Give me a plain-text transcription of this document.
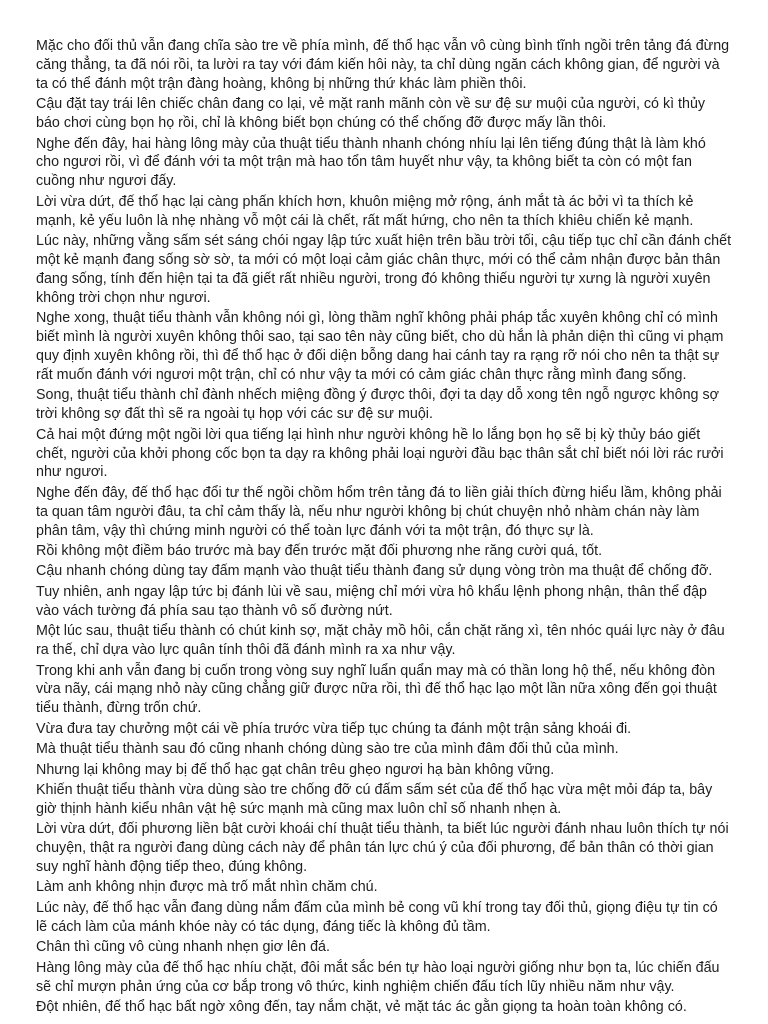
Mặc cho đối thủ vẫn đang chĩa sào tre về phía mình, đế thổ hạc vẫn vô cùng bình tĩnh ngồi trên tảng đá đừng căng thẳng, ta đã nói rồi, ta lười ra tay với đám kiến hôi này, ta chỉ dùng ngăn cách không gian, để người và ta có thể đánh một trận đàng hoàng, không bị những thứ khác làm phiền thôi.

Cậu đặt tay trái lên chiếc chân đang co lại, vẻ mặt ranh mãnh còn về sư đệ sư muội của người, có kì thủy báo chơi cùng bọn họ rồi, chỉ là không biết bọn chúng có thể chống đỡ được mấy lần thôi.

Nghe đến đây, hai hàng lông mày của thuật tiểu thành nhanh chóng nhíu lại lên tiếng đúng thật là làm khó cho ngươi rồi, vì để đánh với ta một trận mà hao tổn tâm huyết như vậy, ta không biết ta còn có một fan cuồng như ngươi đấy.

Lời vừa dứt, đế thổ hạc lại càng phấn khích hơn, khuôn miệng mở rộng, ánh mắt tà ác bởi vì ta thích kẻ mạnh, kẻ yếu luôn là nhẹ nhàng vỗ một cái là chết, rất mất hứng, cho nên ta thích khiêu chiến kẻ mạnh.

Lúc này, những vằng sấm sét sáng chói ngay lập tức xuất hiện trên bầu trời tối, cậu tiếp tục chỉ cần đánh chết một kẻ mạnh đang sống sờ sờ, ta mới có một loại cảm giác chân thực, mới có thể cảm nhận được bản thân đang sống, tính đến hiện tại ta đã giết rất nhiều người, trong đó không thiếu người tự xưng là người xuyên không trời chọn như ngươi.

Nghe xong, thuật tiểu thành vẫn không nói gì, lòng thầm nghĩ không phải pháp tắc xuyên không chỉ có mình biết mình là người xuyên không thôi sao, tại sao tên này cũng biết, cho dù hắn là phản diện thì cũng vi phạm quy định xuyên không rồi, thì để thổ hạc ở đối diện bỗng dang hai cánh tay ra rạng rỡ nói cho nên ta thật sự rất muốn đánh với ngươi một trận, chỉ có như vậy ta mới có cảm giác chân thực rằng mình đang sống.

Song, thuật tiểu thành chỉ đành nhếch miệng đồng ý được thôi, đợi ta dạy dỗ xong tên ngỗ ngược không sợ trời không sợ đất thì sẽ ra ngoài tụ họp với các sư đệ sư muội.

Cả hai một đứng một ngồi lời qua tiếng lại hình như người không hề lo lắng bọn họ sẽ bị kỳ thủy báo giết chết, người của khởi phong cốc bọn ta dạy ra không phải loại người đầu bạc thân sắt chỉ biết nói lời rác rưởi như ngươi.

Nghe đến đây, đế thổ hạc đổi tư thế ngồi chồm hổm trên tảng đá to liền giải thích đừng hiểu lầm, không phải ta quan tâm người đâu, ta chỉ cảm thấy là, nếu như người không bị chút chuyện nhỏ nhàm chán này làm phân tâm, vậy thì chứng minh người có thể toàn lực đánh với ta một trận, đó thực sự là.

Rồi không một điềm báo trước mà bay đến trước mặt đối phương nhe răng cười quá, tốt.

Cậu nhanh chóng dùng tay đấm mạnh vào thuật tiểu thành đang sử dụng vòng tròn ma thuật để chống đỡ.

Tuy nhiên, anh ngay lập tức bị đánh lùi về sau, miệng chỉ mới vừa hô khẩu lệnh phong nhận, thân thể đập vào vách tường đá phía sau tạo thành vô số đường nứt.

Một lúc sau, thuật tiểu thành có chút kinh sợ, mặt chảy mồ hôi, cắn chặt răng xì, tên nhóc quái lực này ở đâu ra thế, chỉ dựa vào lực quân tính thôi đã đánh mình ra xa như vậy.

Trong khi anh vẫn đang bị cuốn trong vòng suy nghĩ luẩn quẩn may mà có thần long hộ thể, nếu không đòn vừa nãy, cái mạng nhỏ này cũng chẳng giữ được nữa rồi, thì đế thổ hạc lạo một lần nữa xông đến gọi thuật tiểu thành, đừng trốn chứ.

Vừa đưa tay chưởng một cái về phía trước vừa tiếp tục chúng ta đánh một trận sảng khoái đi.

Mà thuật tiểu thành sau đó cũng nhanh chóng dùng sào tre của mình đâm đối thủ của mình.

Nhưng lại không may bị đế thổ hạc gạt chân trêu ghẹo ngươi hạ bàn không vững.

Khiến thuật tiểu thành vừa dùng sào tre chống đỡ cú đấm sấm sét của đế thổ hạc vừa mệt mỏi đáp ta, bây giờ thịnh hành kiểu nhân vật hệ sức mạnh mà cũng max luôn chỉ số nhanh nhẹn à.

Lời vừa dứt, đối phương liền bật cười khoái chí thuật tiểu thành, ta biết lúc người đánh nhau luôn thích tự nói chuyện, thật ra người đang dùng cách này để phân tán lực chú ý của đối phương, để bản thân có thời gian suy nghĩ hành động tiếp theo, đúng không.

Làm anh không nhịn được mà trố mắt nhìn chăm chú.

Lúc này, đế thổ hạc vẫn đang dùng nắm đấm của mình bẻ cong vũ khí trong tay đối thủ, giọng điệu tự tin có lẽ cách làm của mánh khóe này có tác dụng, đáng tiếc là không đủ tầm.

Chân thì cũng vô cùng nhanh nhẹn giơ lên đá.

Hàng lông mày của đế thổ hạc nhíu chặt, đôi mắt sắc bén tự hào loại người giống như bọn ta, lúc chiến đấu sẽ chỉ mượn phản ứng của cơ bắp trong vô thức, kinh nghiệm chiến đấu tích lũy nhiều năm như vậy.

Đột nhiên, đế thổ hạc bất ngờ xông đến, tay nắm chặt, vẻ mặt tác ác gằn giọng ta hoàn toàn không có.
